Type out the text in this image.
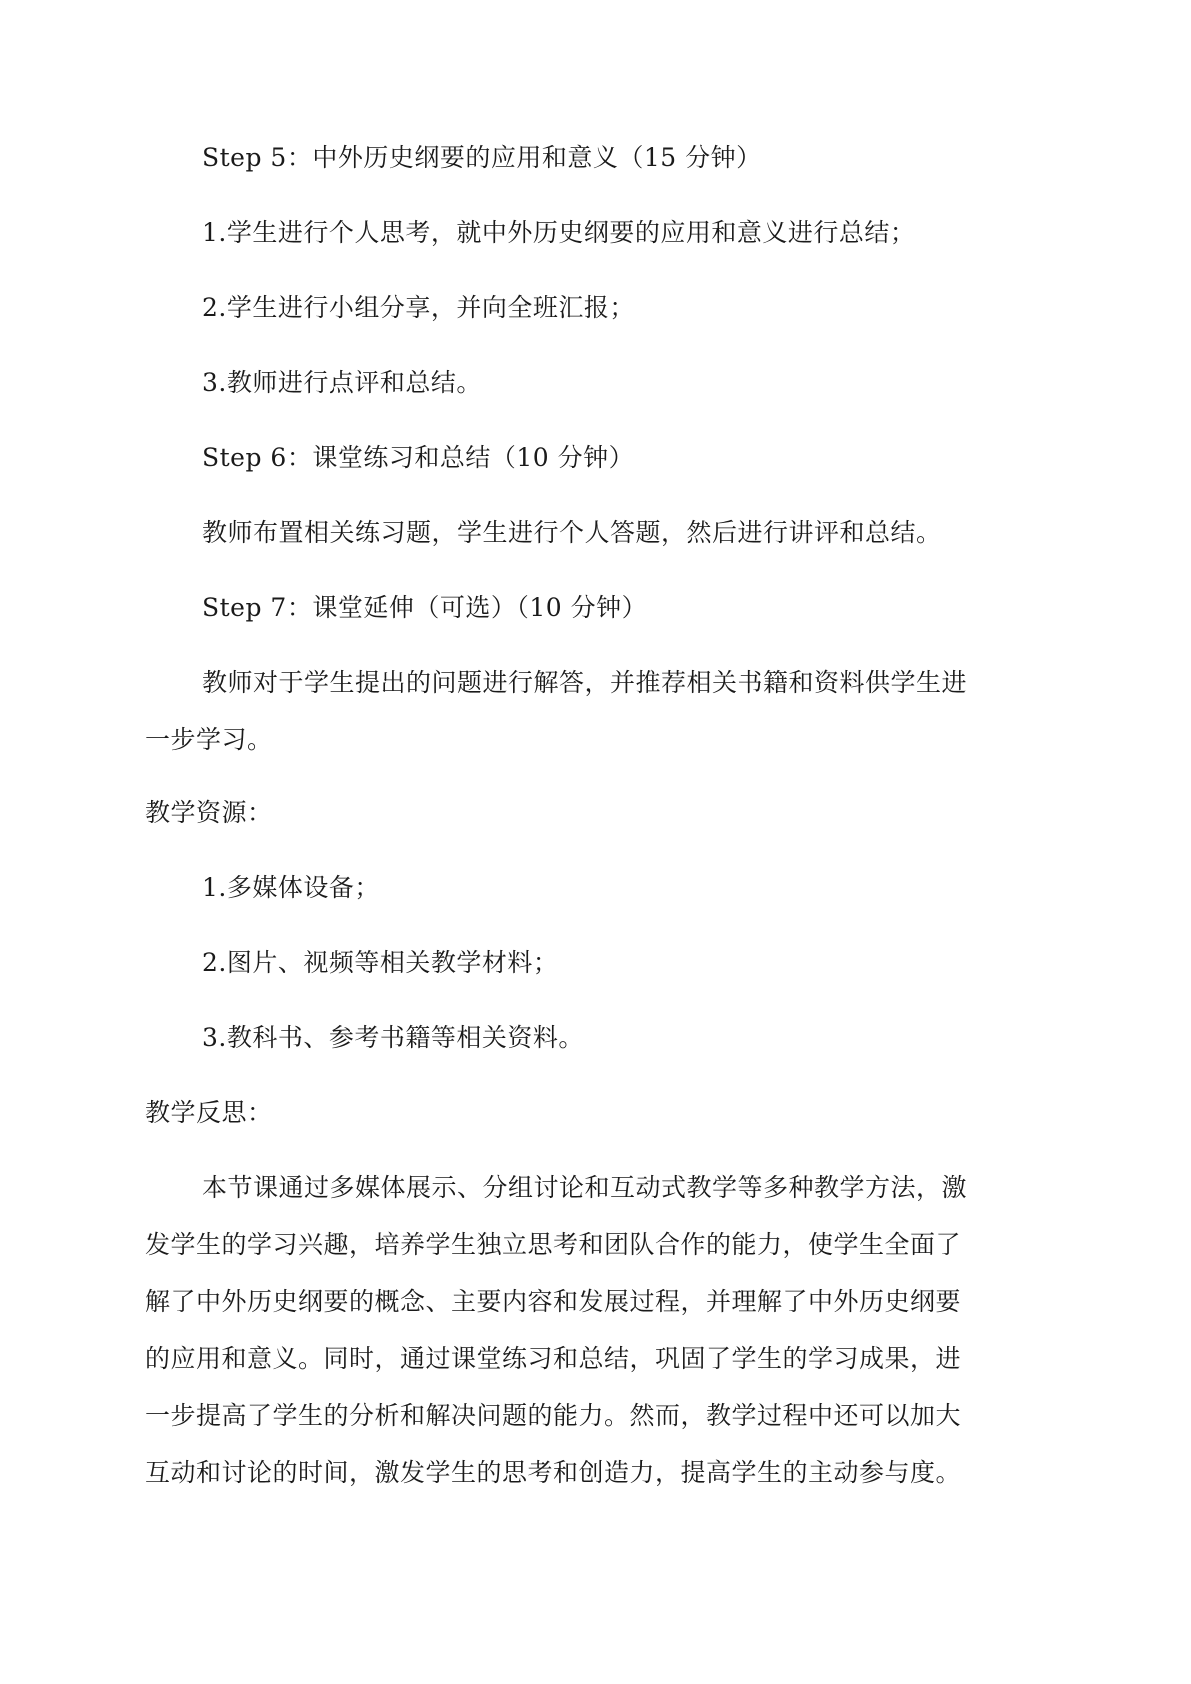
Step 5：中外历史纲要的应用和意义（15 分钟）
1.学生进行个人思考，就中外历史纲要的应用和意义进行总结；
2.学生进行小组分享，并向全班汇报；
3.教师进行点评和总结。
Step 6：课堂练习和总结（10 分钟）
教师布置相关练习题，学生进行个人答题，然后进行讲评和总结。
Step 7：课堂延伸（可选）（10 分钟）
教师对于学生提出的问题进行解答，并推荐相关书籍和资料供学生进
一步学习。
教学资源：
1.多媒体设备；
2.图片、视频等相关教学材料；
3.教科书、参考书籍等相关资料。
教学反思：
本节课通过多媒体展示、分组讨论和互动式教学等多种教学方法，激
发学生的学习兴趣，培养学生独立思考和团队合作的能力，使学生全面了
解了中外历史纲要的概念、主要内容和发展过程，并理解了中外历史纲要
的应用和意义。同时，通过课堂练习和总结，巩固了学生的学习成果，进
一步提高了学生的分析和解决问题的能力。然而，教学过程中还可以加大
互动和讨论的时间，激发学生的思考和创造力，提高学生的主动参与度。
